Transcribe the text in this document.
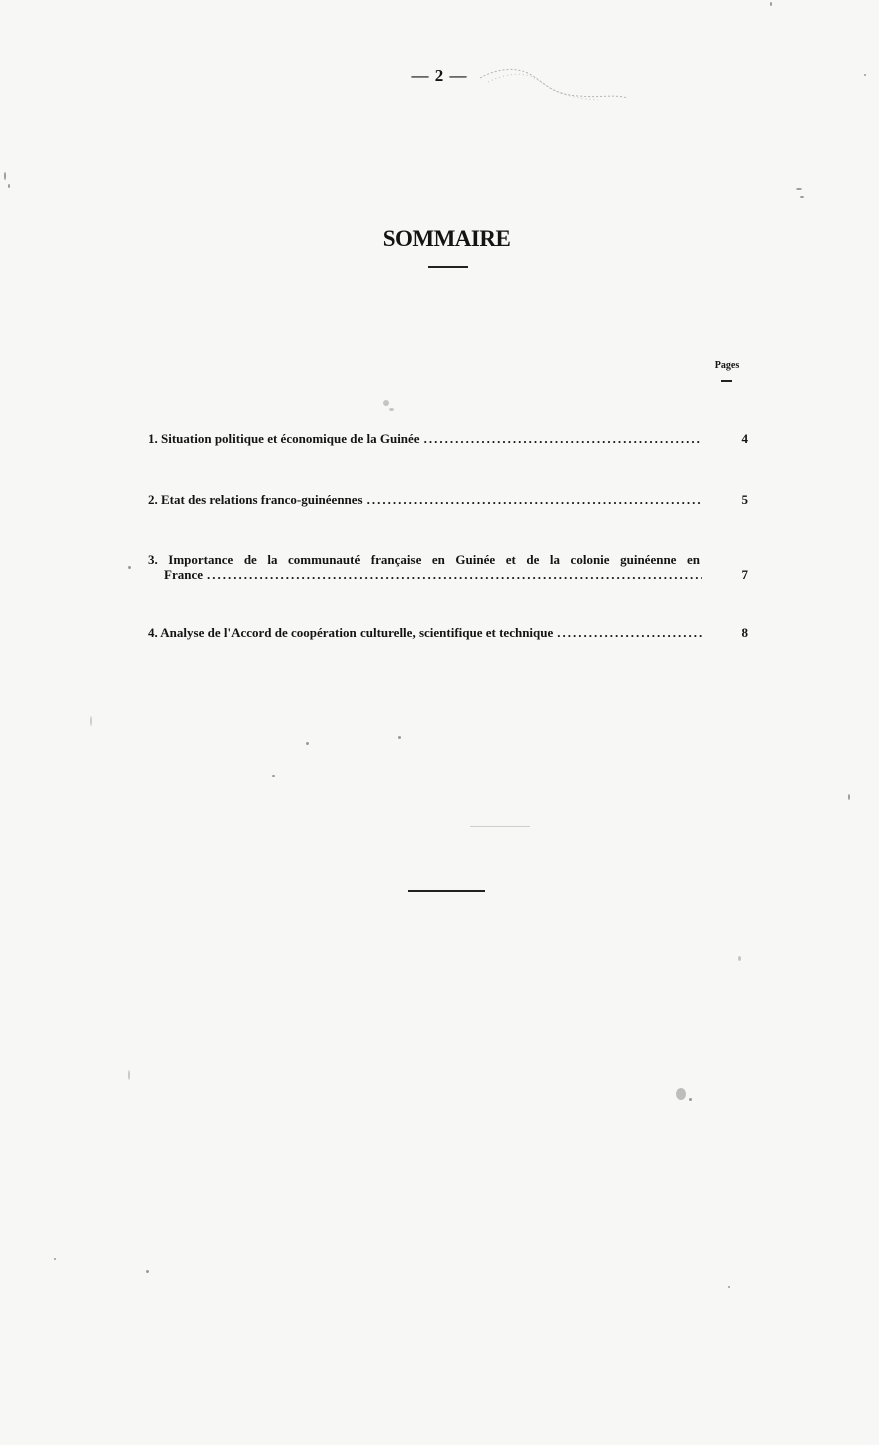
— 2 —
SOMMAIRE
Pages
1. Situation politique et économique de la Guinée .....	4
2. Etat des relations franco-guinéennes .....	5
3. Importance de la communauté française en Guinée et de la colonie guinéenne en
France .....	7
4. Analyse de l'Accord de coopération culturelle, scientifique et technique .....	8
